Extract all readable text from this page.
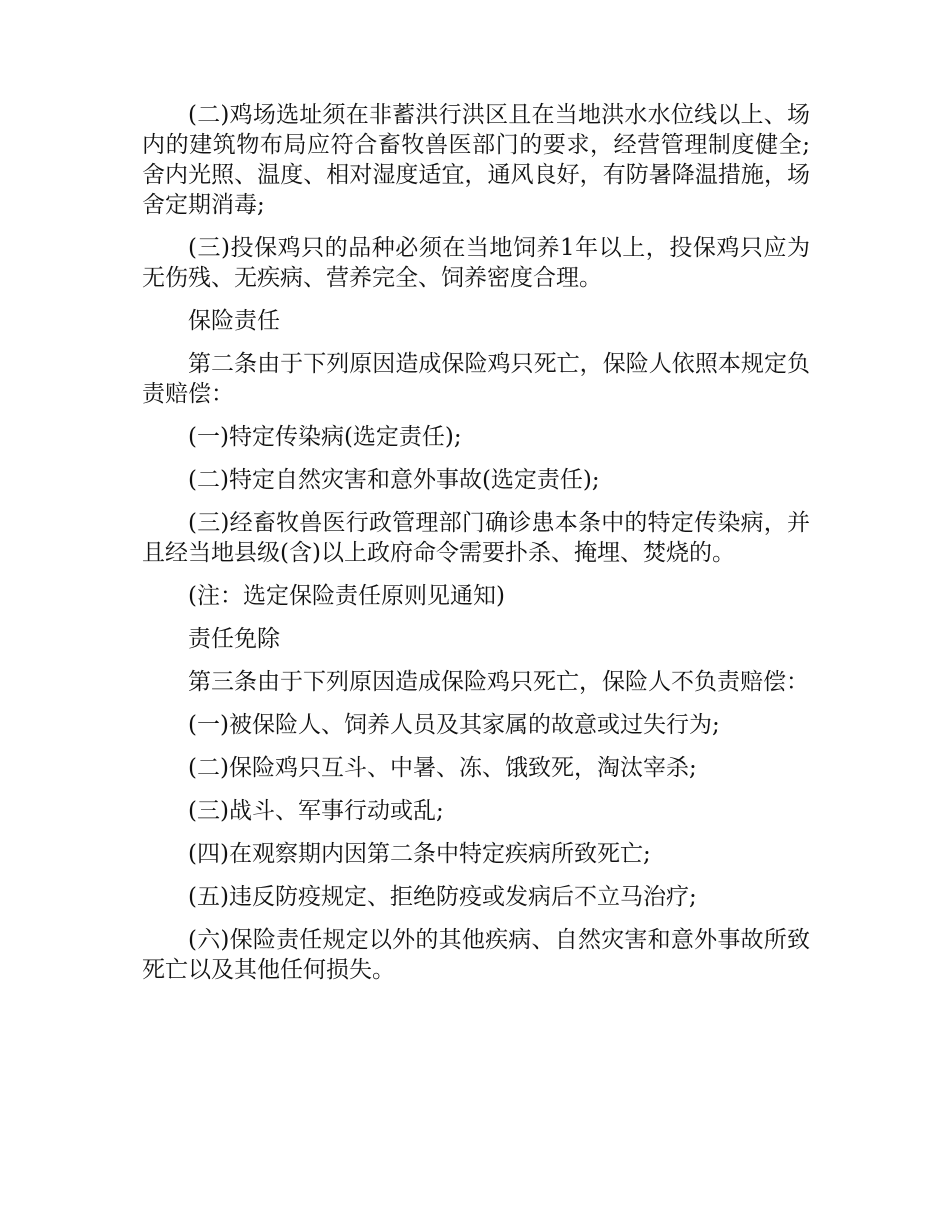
(二)鸡场选址须在非蓄洪行洪区且在当地洪水水位线以上、场内的建筑物布局应符合畜牧兽医部门的要求，经营管理制度健全;舍内光照、温度、相对湿度适宜，通风良好，有防暑降温措施，场舍定期消毒;

(三)投保鸡只的品种必须在当地饲养1年以上，投保鸡只应为无伤残、无疾病、营养完全、饲养密度合理。

保险责任

第二条由于下列原因造成保险鸡只死亡，保险人依照本规定负责赔偿：

(一)特定传染病(选定责任);

(二)特定自然灾害和意外事故(选定责任);

(三)经畜牧兽医行政管理部门确诊患本条中的特定传染病，并且经当地县级(含)以上政府命令需要扑杀、掩埋、焚烧的。

(注：选定保险责任原则见通知)

责任免除

第三条由于下列原因造成保险鸡只死亡，保险人不负责赔偿：

(一)被保险人、饲养人员及其家属的故意或过失行为;

(二)保险鸡只互斗、中暑、冻、饿致死，淘汰宰杀;

(三)战斗、军事行动或乱;

(四)在观察期内因第二条中特定疾病所致死亡;

(五)违反防疫规定、拒绝防疫或发病后不立马治疗;

(六)保险责任规定以外的其他疾病、自然灾害和意外事故所致死亡以及其他任何损失。
